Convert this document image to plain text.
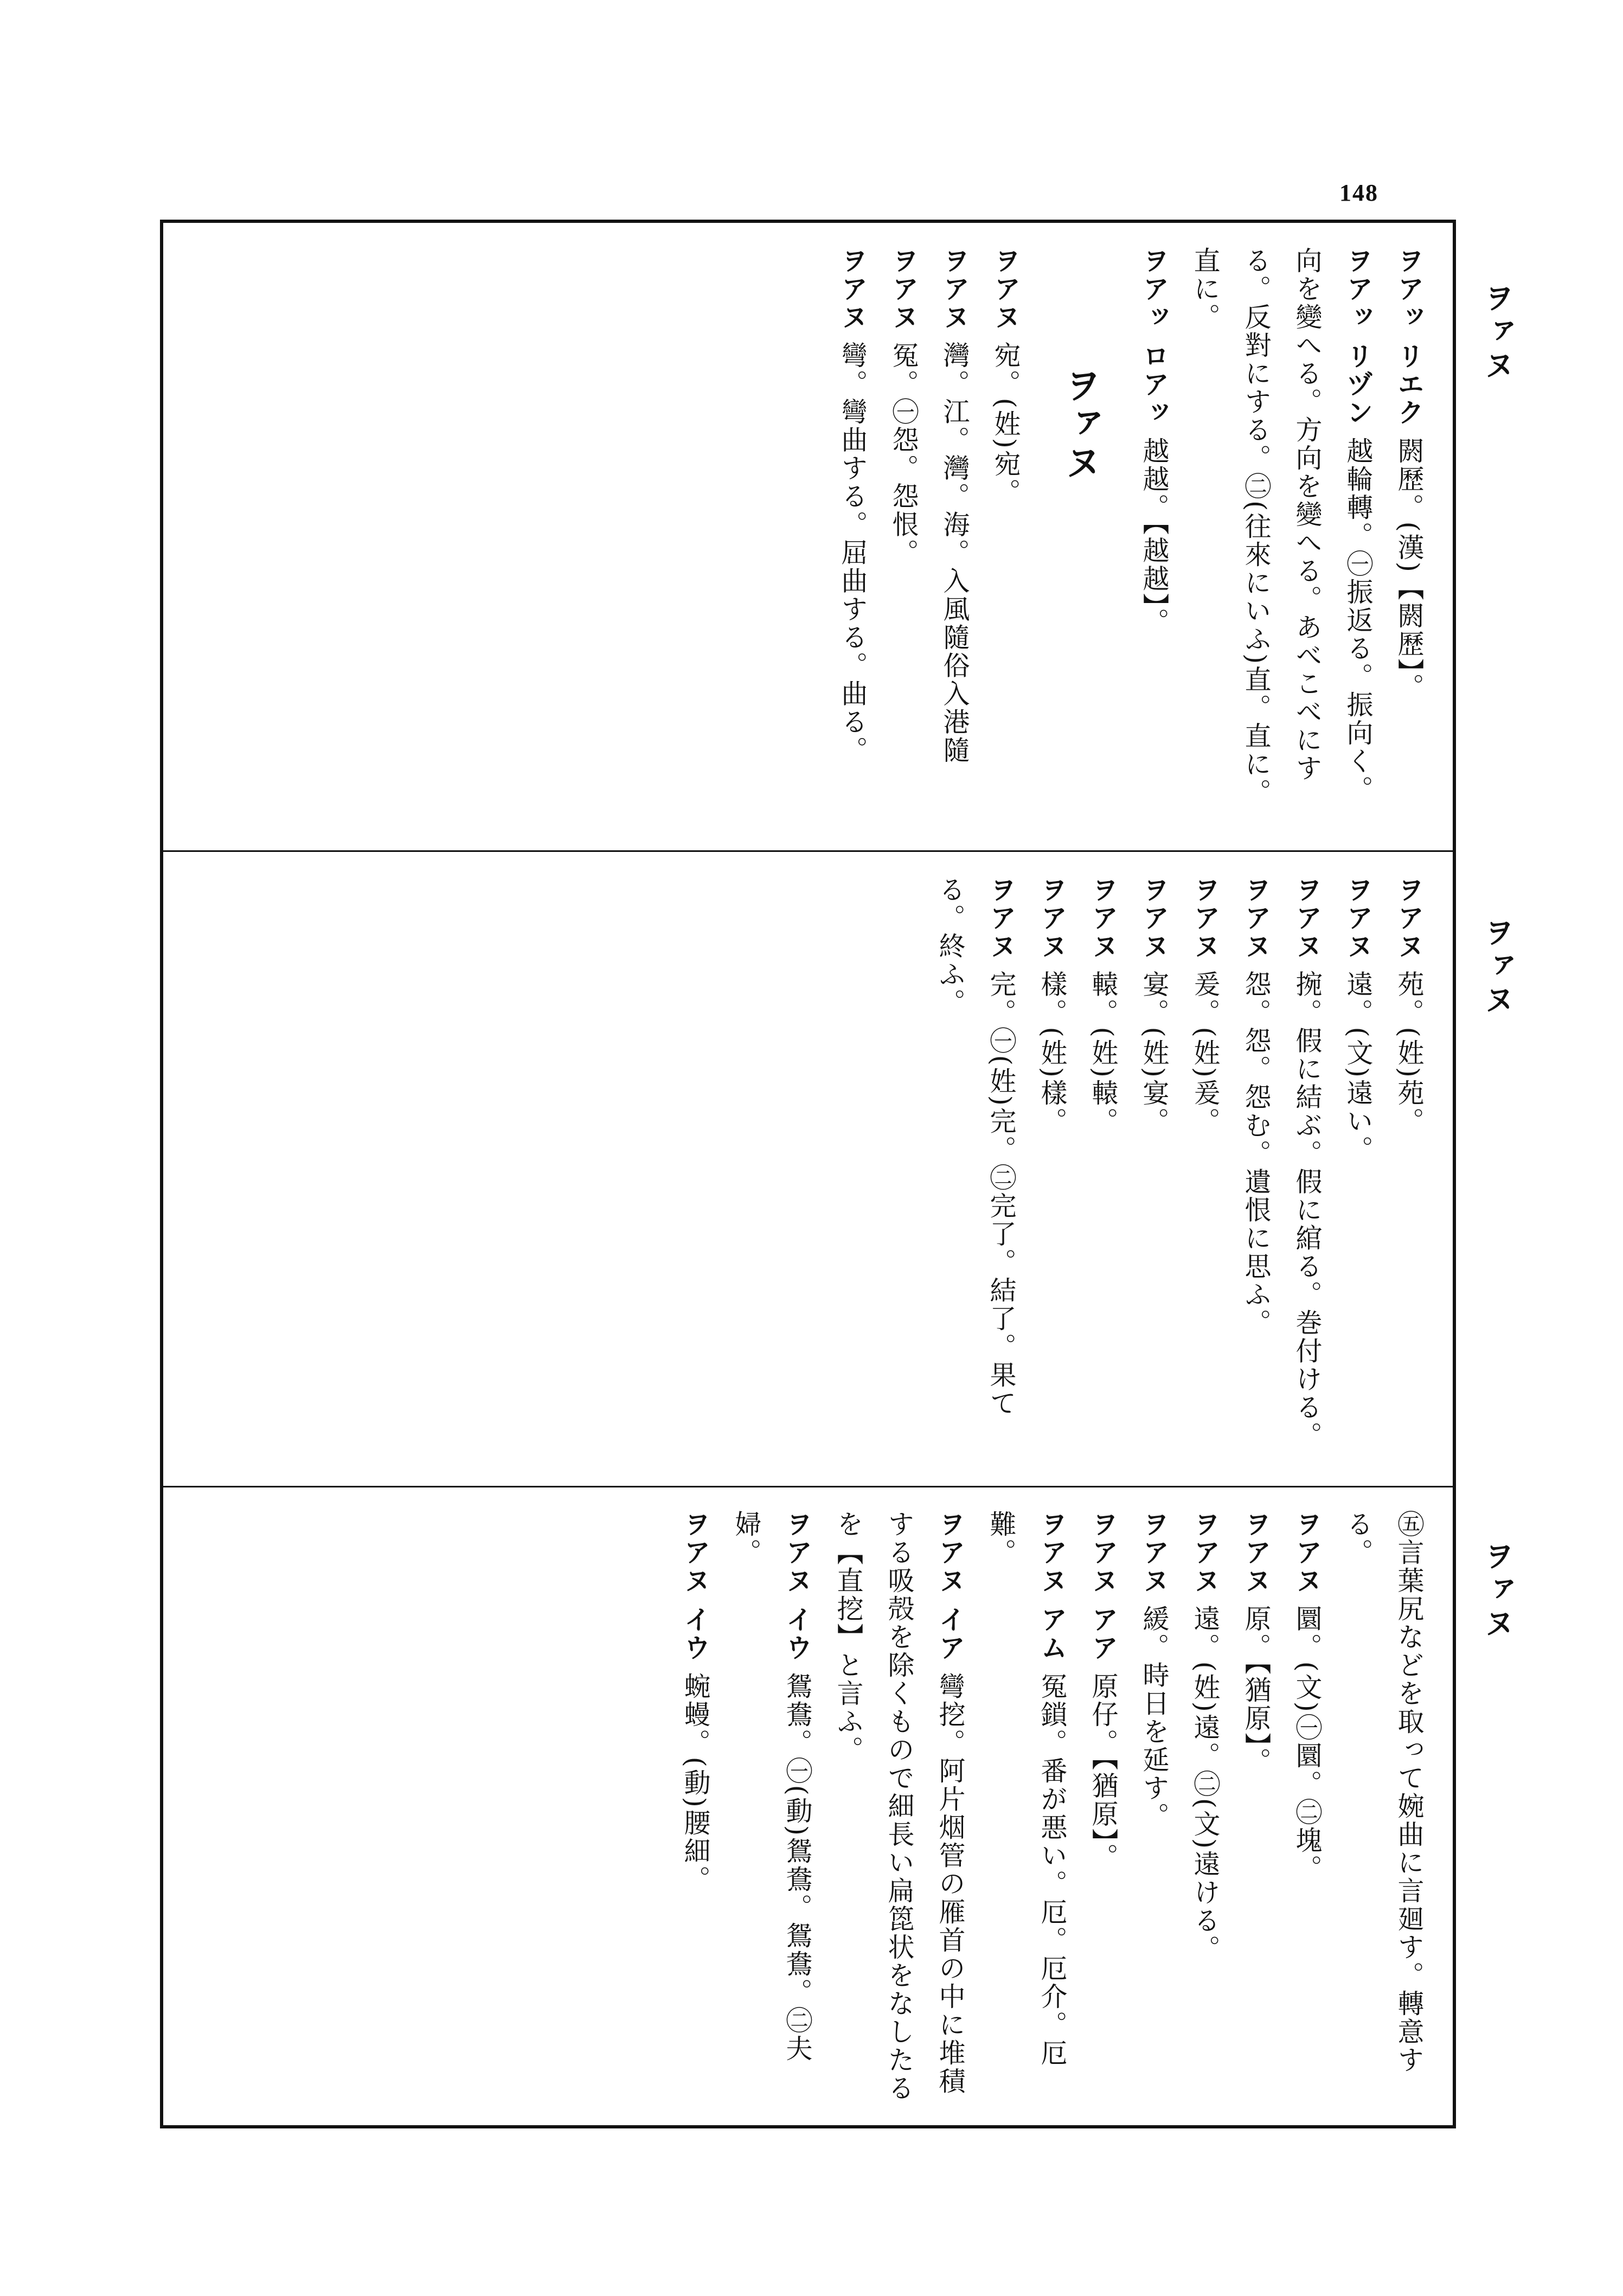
148
ヲァヌ
ヲァヌ
ヲァヌ
ヲアッ リエク 閼歷。(漢)【閼歷】。
ヲアッ リヅン 越輪轉。㊀振返る。振向く。向を變へる。方向を變へる。あべこべにする。反對にする。㊁(往來にいふ)直。直に。直に。
ヲアッ ロアッ 越越。【越越】。
ヲァヌ
ヲアヌ 宛。(姓)宛。
ヲアヌ 灣。江。灣。海。入風隨俗入港隨
ヲアヌ 冤。㊀怨。怨恨。
ヲアヌ 彎。彎曲する。屈曲する。曲る。
ヲアヌ 苑。(姓)苑。
ヲアヌ 遠。(文)遠い。
ヲアヌ 捥。假に結ぶ。假に綰る。巻付ける。
ヲアヌ 怨。怨。怨む。遺恨に思ふ。
ヲアヌ 爰。(姓)爰。
ヲアヌ 宴。(姓)宴。
ヲアヌ 轅。(姓)轅。
ヲアヌ 樣。(姓)樣。
ヲアヌ 完。㊀(姓)完。㊁完了。結了。果てる。終ふ。
㊄言葉尻などを取って婉曲に言廻す。轉意する。
ヲアヌ 圜。(文)㊀圜。㊁塊。
ヲアヌ 原。【猶原】。
ヲアヌ 遠。(姓)遠。㊁(文)遠ける。
ヲアヌ 緩。時日を延す。
ヲアヌ アア 原仔。【猶原】。
ヲアヌ アム 冤鎖。番が悪い。厄。厄介。厄難。
ヲアヌ イア 彎挖。阿片烟管の雁首の中に堆積する吸殻を除くもので細長い扁箆状をなしたるを【直挖】と言ふ。
ヲアヌ イウ 鴛鴦。㊀(動)鴛鴦。鴛鴦。㊁夫婦。
ヲアヌ イウ 蜿蟃。(動)腰細。
